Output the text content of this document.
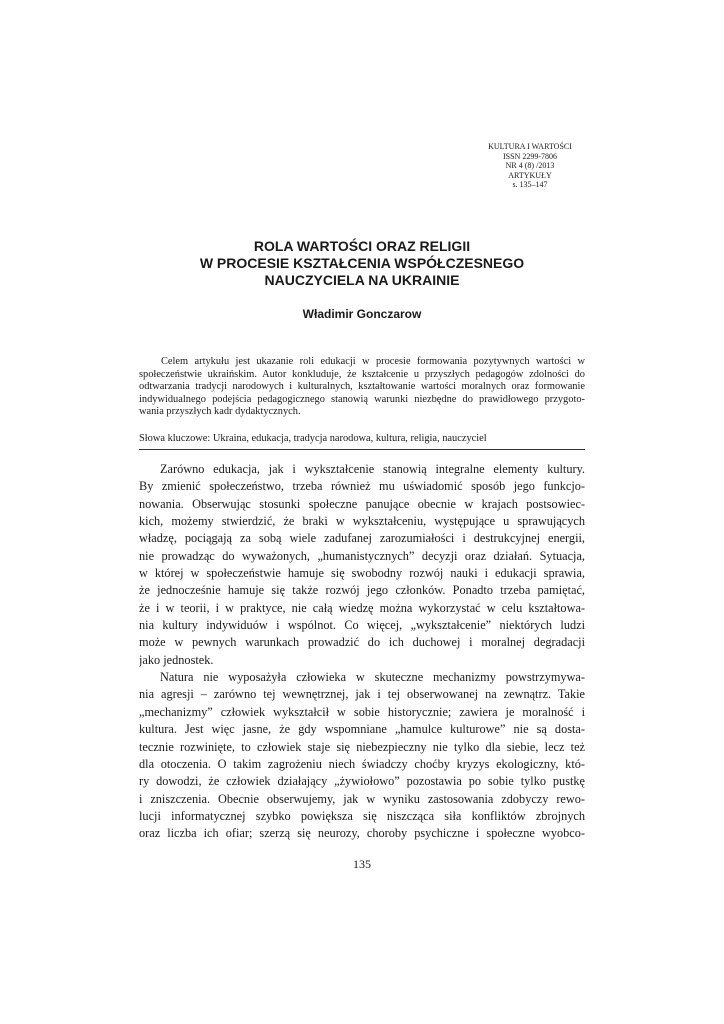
KULTURA I WARTOŚCI
ISSN 2299-7806
NR 4 (8) /2013
ARTYKUŁY
s. 135–147
ROLA WARTOŚCI ORAZ RELIGII
W PROCESIE KSZTAŁCENIA WSPÓŁCZESNEGO
NAUCZYCIELA NA UKRAINIE
Władimir Gonczarow
Celem artykułu jest ukazanie roli edukacji w procesie formowania pozytywnych wartości w
społeczeństwie ukraińskim. Autor konkluduje, że kształcenie u przyszłych pedagogów zdolności do
odtwarzania tradycji narodowych i kulturalnych, kształtowanie wartości moralnych oraz formowanie
indywidualnego podejścia pedagogicznego stanowią warunki niezbędne do prawidłowego przygoto-
wania przyszłych kadr dydaktycznych.
Słowa kluczowe: Ukraina, edukacja, tradycja narodowa, kultura, religia, nauczyciel
Zarówno edukacja, jak i wykształcenie stanowią integralne elementy kultury.
By zmienić społeczeństwo, trzeba również mu uświadomić sposób jego funkcjo-
nowania. Obserwując stosunki społeczne panujące obecnie w krajach postsowiec-
kich, możemy stwierdzić, że braki w wykształceniu, występujące u sprawujących
władzę, pociągają za sobą wiele zadufanej zarozumiałości i destrukcyjnej energii,
nie prowadząc do wyważonych, „humanistycznych” decyzji oraz działań. Sytuacja,
w której w społeczeństwie hamuje się swobodny rozwój nauki i edukacji sprawia,
że jednocześnie hamuje się także rozwój jego członków. Ponadto trzeba pamiętać,
że i w teorii, i w praktyce, nie całą wiedzę można wykorzystać w celu kształtowa-
nia kultury indywiduów i wspólnot. Co więcej, „wykształcenie” niektórych ludzi
może w pewnych warunkach prowadzić do ich duchowej i moralnej degradacji
jako jednostek.
Natura nie wyposażyła człowieka w skuteczne mechanizmy powstrzymywa-
nia agresji – zarówno tej wewnętrznej, jak i tej obserwowanej na zewnątrz. Takie
„mechanizmy” człowiek wykształcił w sobie historycznie; zawiera je moralność i
kultura. Jest więc jasne, że gdy wspomniane „hamulce kulturowe” nie są dosta-
tecznie rozwinięte, to człowiek staje się niebezpieczny nie tylko dla siebie, lecz też
dla otoczenia. O takim zagrożeniu niech świadczy choćby kryzys ekologiczny, któ-
ry dowodzi, że człowiek działający „żywiołowo” pozostawia po sobie tylko pustkę
i zniszczenia. Obecnie obserwujemy, jak w wyniku zastosowania zdobyczy rewo-
lucji informatycznej szybko powiększa się niszcząca siła konfliktów zbrojnych
oraz liczba ich ofiar; szerzą się neurozy, choroby psychiczne i społeczne wyobco-
135
